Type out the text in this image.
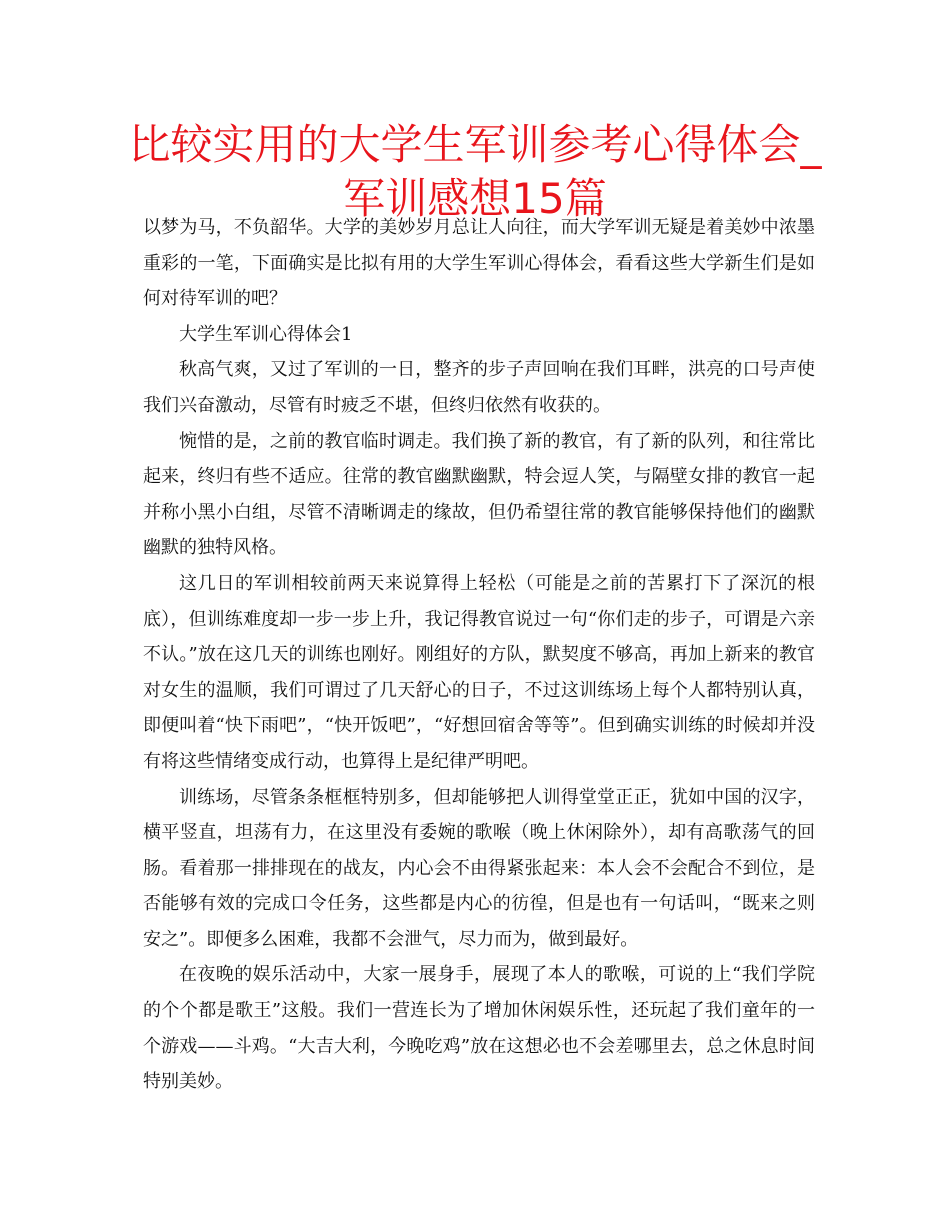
比较实用的大学生军训参考心得体会_军训感想15篇

以梦为马，不负韶华。大学的美妙岁月总让人向往，而大学军训无疑是着美妙中浓墨重彩的一笔，下面确实是比拟有用的大学生军训心得体会，看看这些大学新生们是如何对待军训的吧？

大学生军训心得体会1

秋高气爽，又过了军训的一日，整齐的步子声回响在我们耳畔，洪亮的口号声使我们兴奋激动，尽管有时疲乏不堪，但终归依然有收获的。

惋惜的是，之前的教官临时调走。我们换了新的教官，有了新的队列，和往常比起来，终归有些不适应。往常的教官幽默幽默，特会逗人笑，与隔壁女排的教官一起并称小黑小白组，尽管不清晰调走的缘故，但仍希望往常的教官能够保持他们的幽默幽默的独特风格。

这几日的军训相较前两天来说算得上轻松（可能是之前的苦累打下了深沉的根底），但训练难度却一步一步上升，我记得教官说过一句“你们走的步子，可谓是六亲不认。”放在这几天的训练也刚好。刚组好的方队，默契度不够高，再加上新来的教官对女生的温顺，我们可谓过了几天舒心的日子，不过这训练场上每个人都特别认真，即便叫着“快下雨吧”，“快开饭吧”，“好想回宿舍等等”。但到确实训练的时候却并没有将这些情绪变成行动，也算得上是纪律严明吧。

训练场，尽管条条框框特别多，但却能够把人训得堂堂正正，犹如中国的汉字，横平竖直，坦荡有力，在这里没有委婉的歌喉（晚上休闲除外），却有高歌荡气的回肠。看着那一排排现在的战友，内心会不由得紧张起来：本人会不会配合不到位，是否能够有效的完成口令任务，这些都是内心的彷徨，但是也有一句话叫，“既来之则安之”。即便多么困难，我都不会泄气，尽力而为，做到最好。

在夜晚的娱乐活动中，大家一展身手，展现了本人的歌喉，可说的上“我们学院的个个都是歌王”这般。我们一营连长为了增加休闲娱乐性，还玩起了我们童年的一个游戏——斗鸡。“大吉大利，今晚吃鸡”放在这想必也不会差哪里去，总之休息时间特别美妙。
